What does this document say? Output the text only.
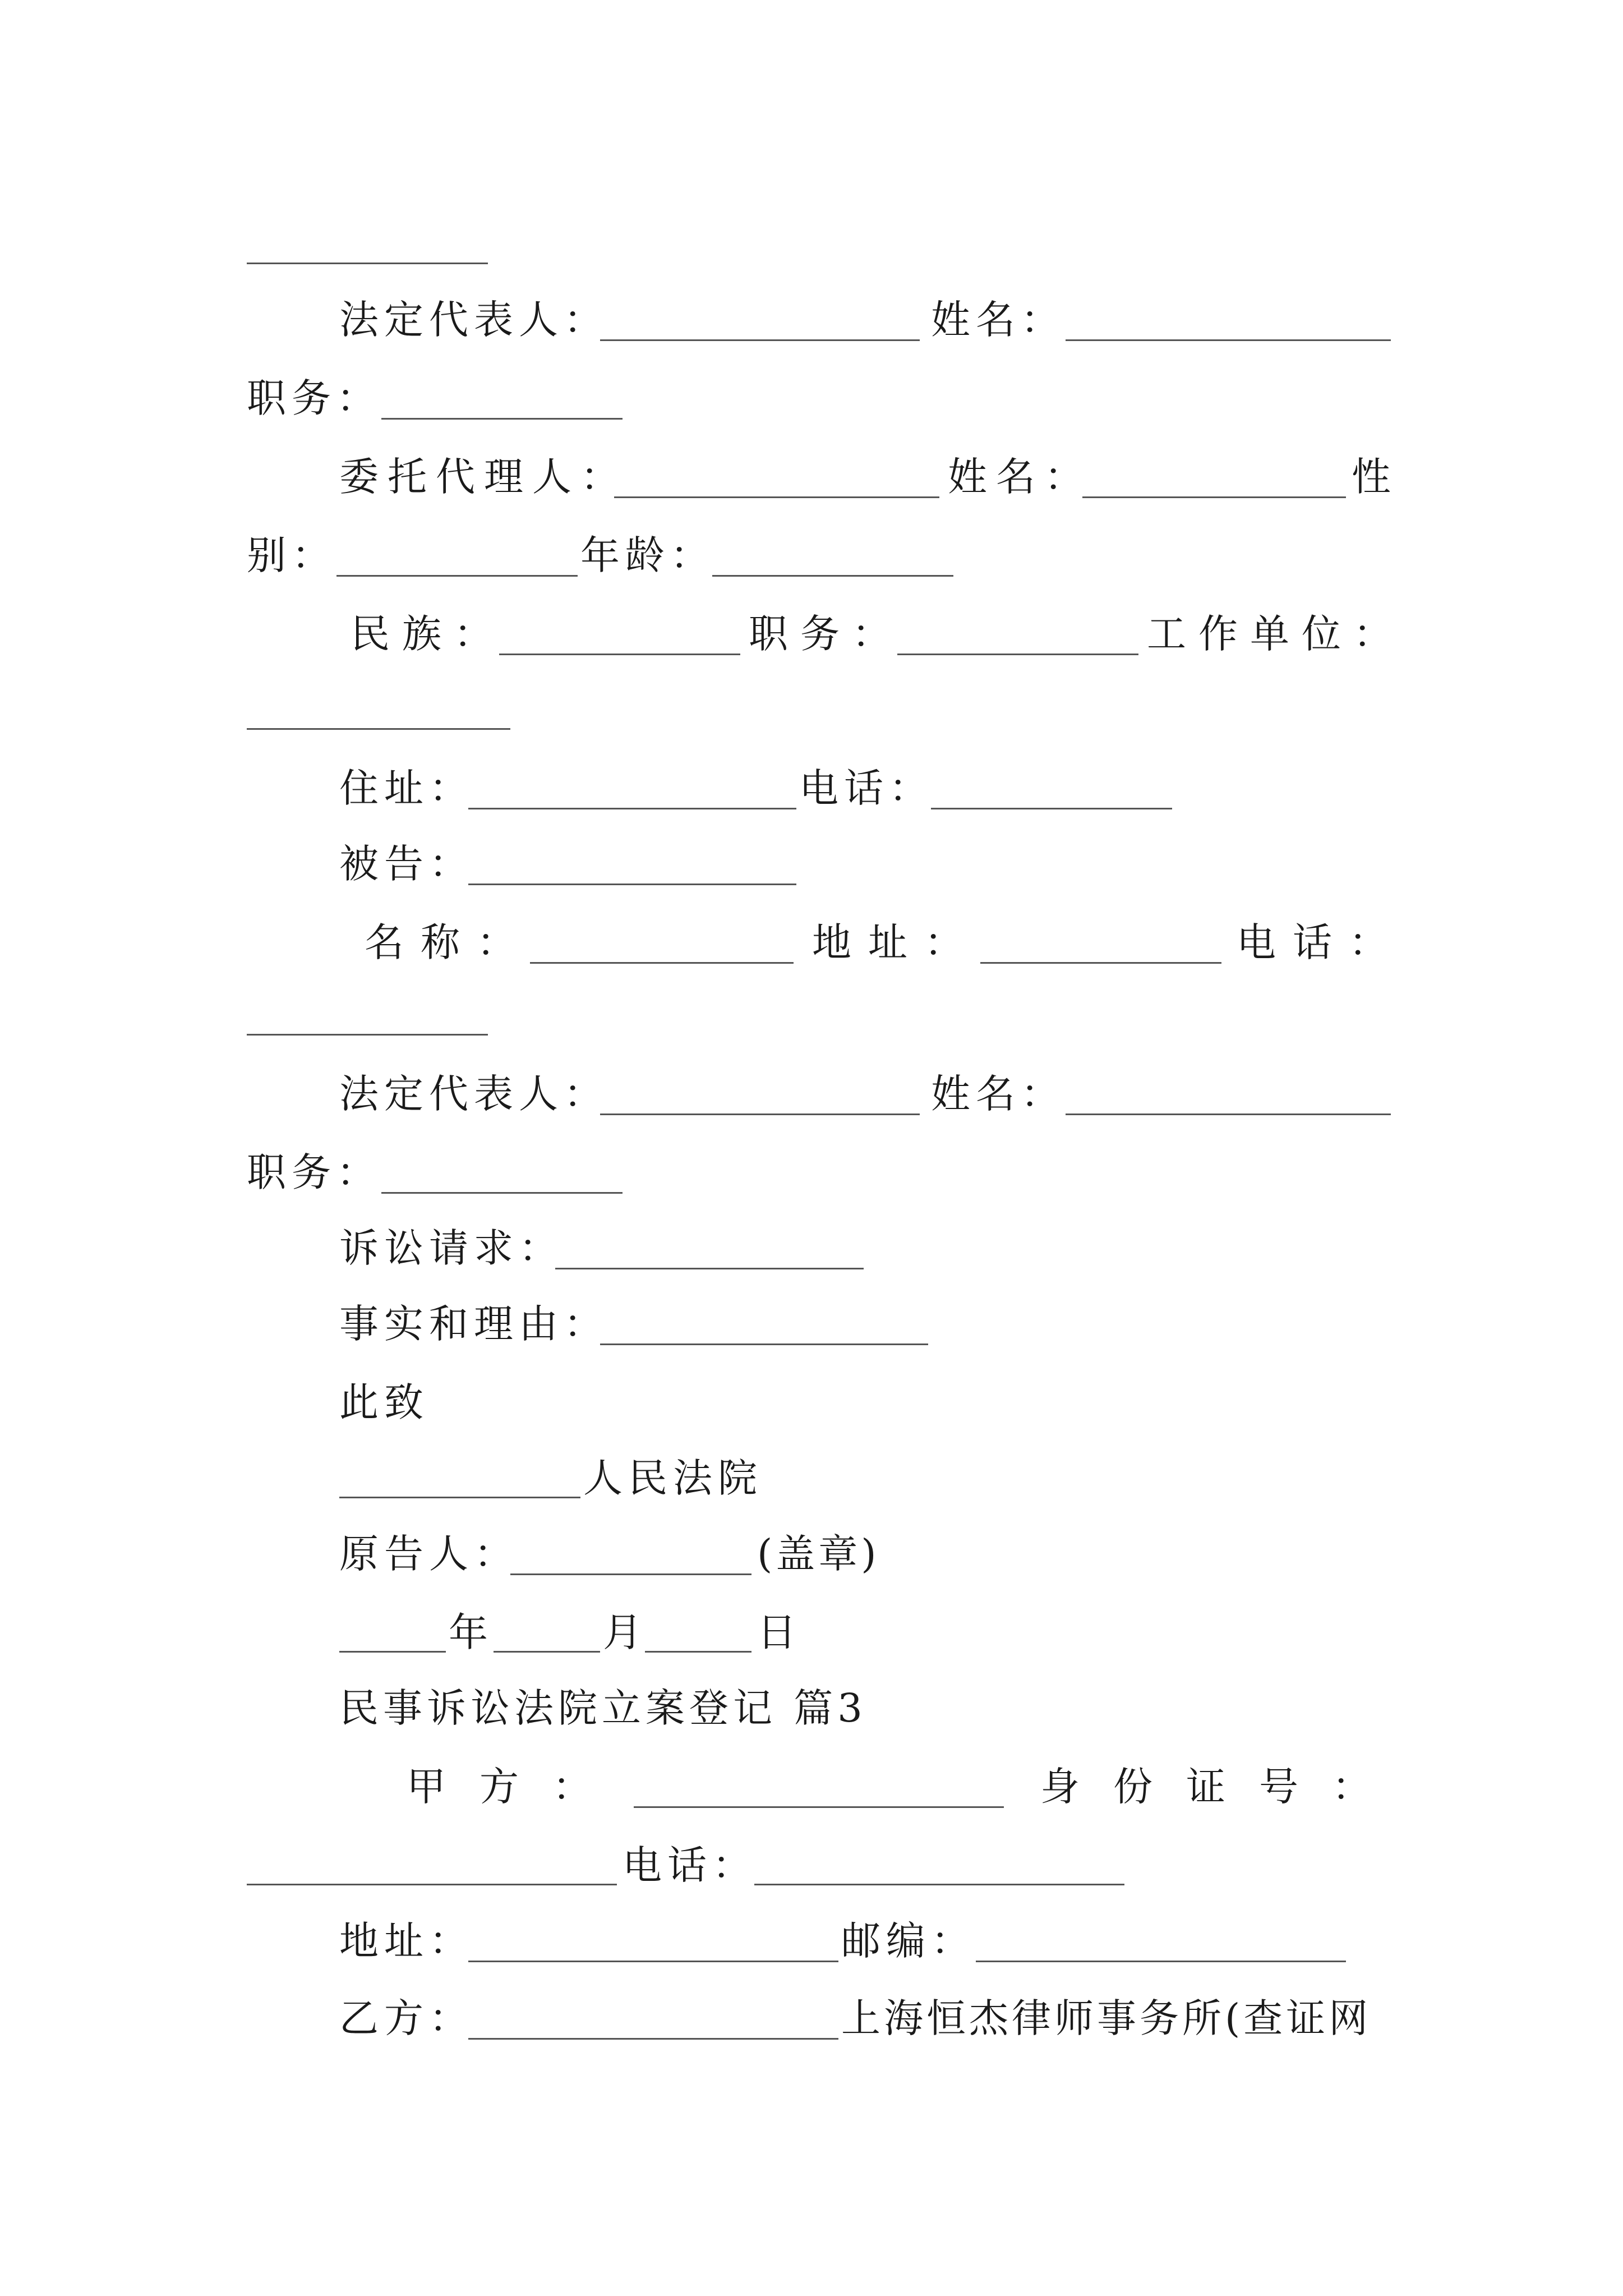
法定代表人：	姓名：
职务：
委托代理人：	姓名：	性
别：	年龄：
民族：	职务：	工作单位：
住址：	电话：
被告：
名称：	地址：	电话：
法定代表人：	姓名：
职务：
诉讼请求：
事实和理由：
此致
人民法院
原告人：	(盖章)
年	月	日
民事诉讼法院立案登记 篇3
甲方：	身份证号：
电话：
地址：	邮编：
乙方：	上海恒杰律师事务所(查证网
